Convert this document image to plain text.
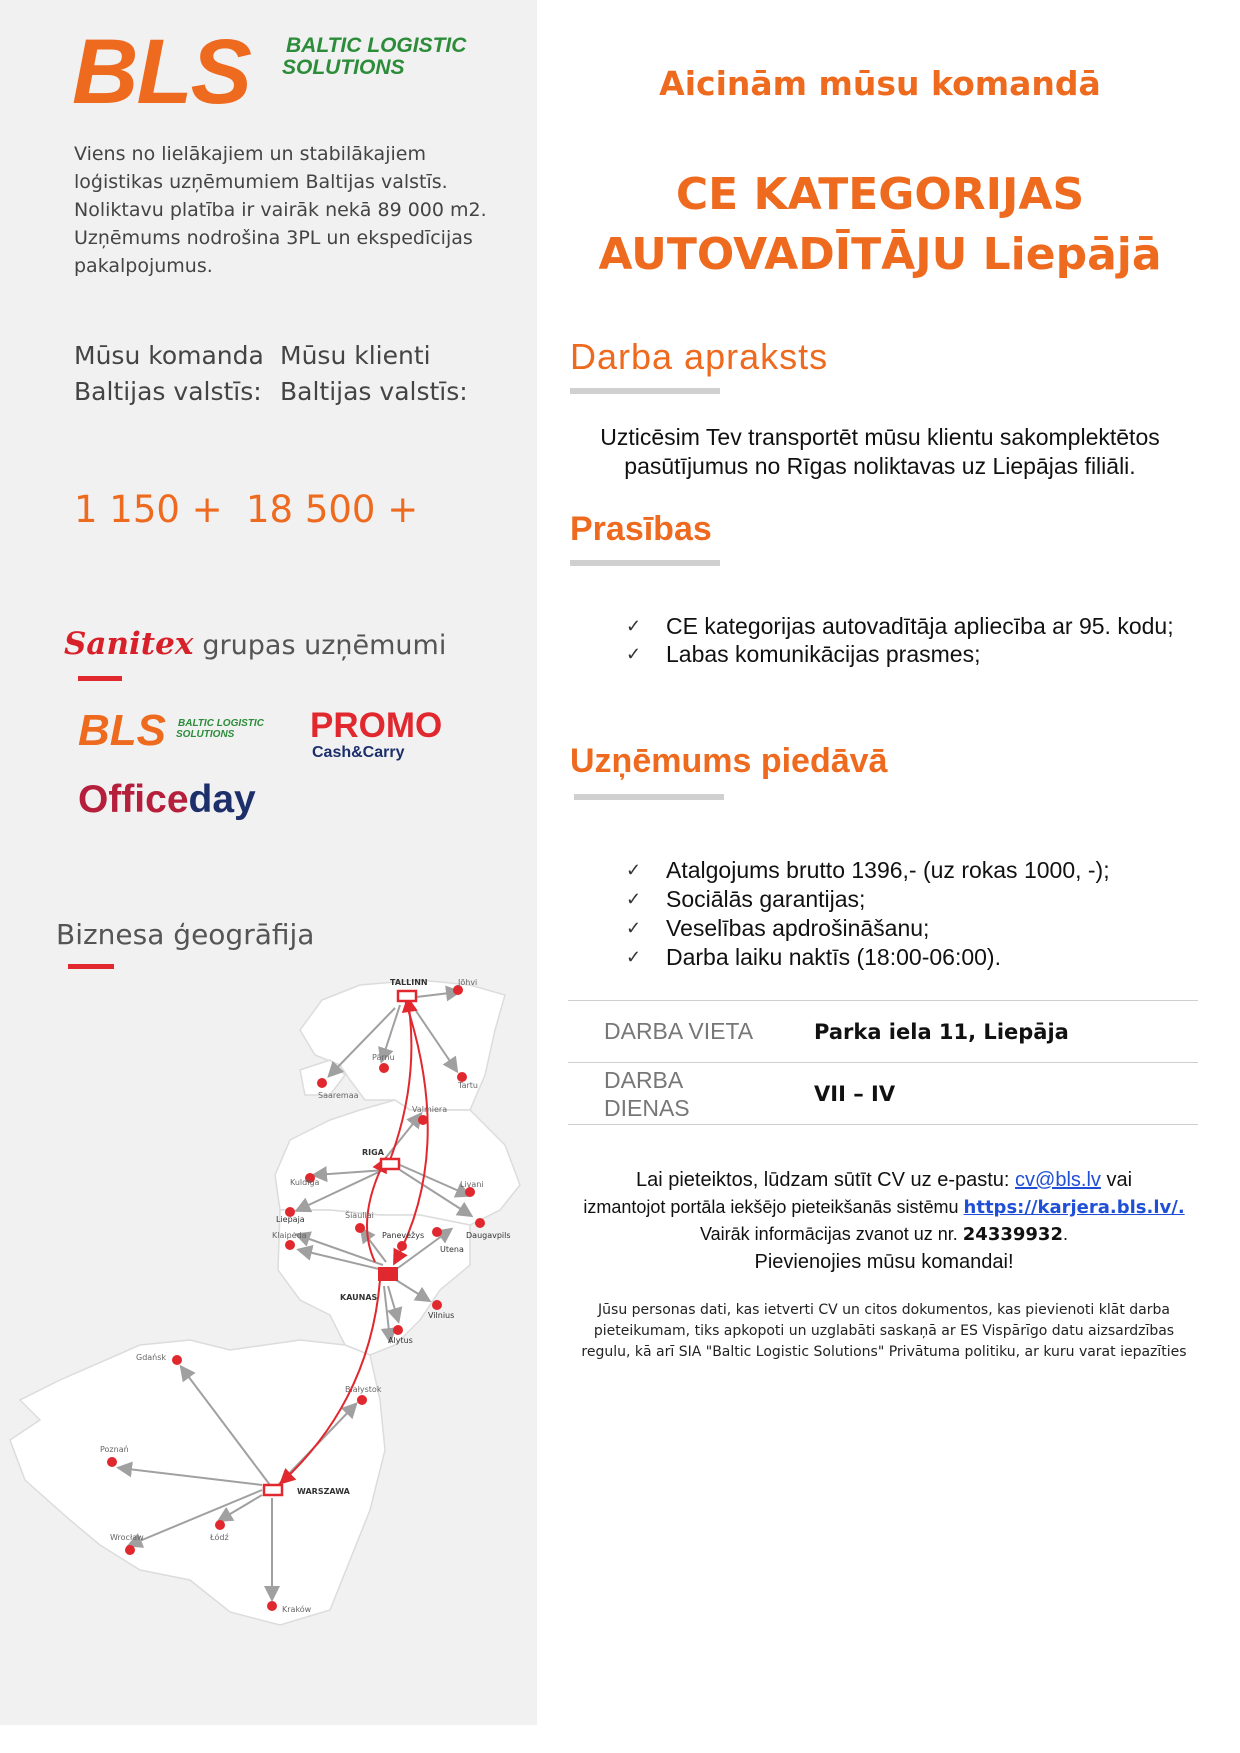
BLS BALTIC LOGISTIC
SOLUTIONS
Viens no lielākajiem un stabilākajiem
loģistikas uzņēmumiem Baltijas valstīs.
Noliktavu platība ir vairāk nekā 89 000 m2.
Uzņēmums nodrošina 3PL un ekspedīcijas
pakalpojumus.
Mūsu komanda
Baltijas valstīs:
Mūsu klienti
Baltijas valstīs:
1 150 + 18 500 +
Sanitex grupas uzņēmumi
BLS BALTIC LOGISTIC
SOLUTIONS PROMO
Cash&Carry
Officeday
Biznesa ģeogrāfija
TALLINN	Jõhvi
Pärnu
Tartu
Saaremaa
Valmiera
RIGA
Kuldiga
Liepaja
Livani
Šiauliai
Panevėžys	Daugavpils
Klaipėda
Utena
KAUNAS
Vilnius
Alytus
Gdańsk
Białystok
Poznań
WARSZAWA
Wrocław	Łódź
Kraków
Aicinām mūsu komandā
CE KATEGORIJAS
AUTOVADĪTĀJU Liepājā
Darba apraksts
Uzticēsim Tev transportēt mūsu klientu sakomplektētos
pasūtījumus no Rīgas noliktavas uz Liepājas filiāli.
Prasības
✓ CE kategorijas autovadītāja apliecība ar 95. kodu;
✓ Labas komunikācijas prasmes;
Uzņēmums piedāvā
✓ Atalgojums brutto 1396,- (uz rokas 1000, -);
✓ Sociālās garantijas;
✓ Veselības apdrošināšanu;
✓ Darba laiku naktīs (18:00-06:00).
DARBA VIETA	Parka iela 11, Liepāja

DARBA
DIENAS	VII – IV
Lai pieteiktos, lūdzam sūtīt CV uz e-pastu: cv@bls.lv vai
izmantojot portāla iekšējo pieteikšanās sistēmu https://karjera.bls.lv/.
Vairāk informācijas zvanot uz nr. 24339932.
Pievienojies mūsu komandai!
Jūsu personas dati, kas ietverti CV un citos dokumentos, kas pievienoti klāt darba
pieteikumam, tiks apkopoti un uzglabāti saskaņā ar ES Vispārīgo datu aizsardzības
regulu, kā arī SIA "Baltic Logistic Solutions" Privātuma politiku, ar kuru varat iepazīties
